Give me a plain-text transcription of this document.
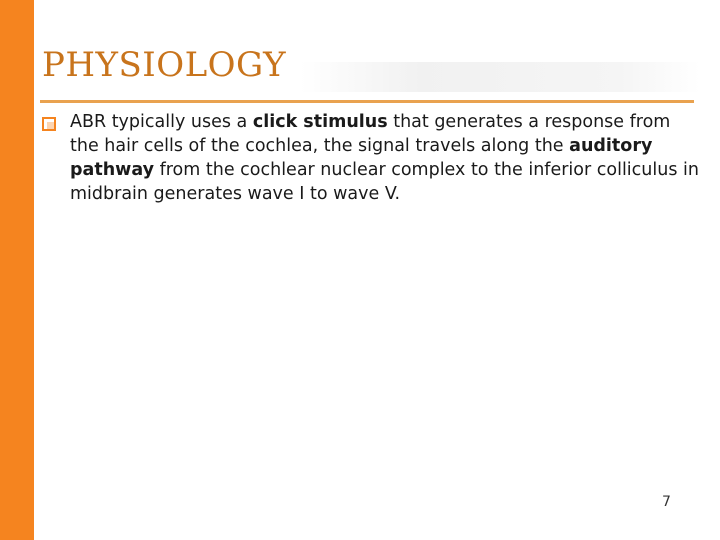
PHYSIOLOGY
ABR typically uses a click stimulus that generates a response from the hair cells of the cochlea, the signal travels along the auditory pathway from the cochlear nuclear complex to the inferior colliculus in midbrain generates wave I to wave V.
7
